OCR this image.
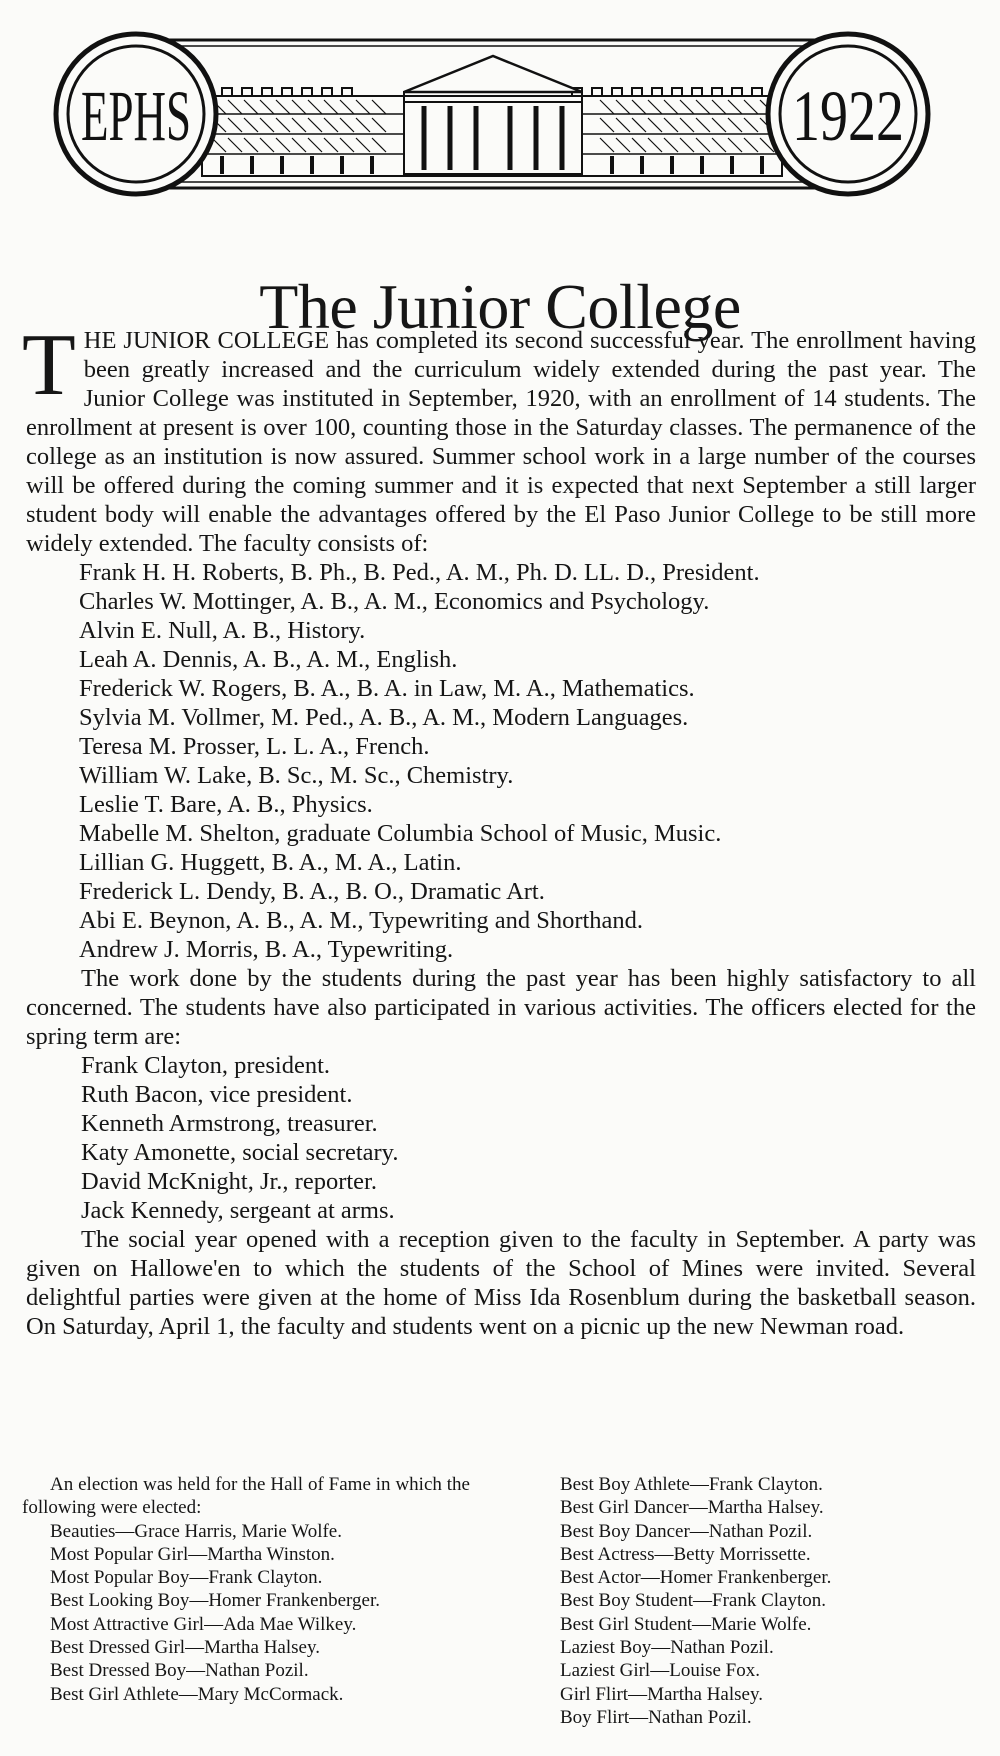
EPHS	1922
The Junior College

THE JUNIOR COLLEGE has completed its second successful year. The enrollment having been greatly increased and the curriculum widely extended during the past year. The Junior College was instituted in September, 1920, with an enrollment of 14 students. The enrollment at present is over 100, counting those in the Saturday classes. The permanence of the college as an institution is now assured. Summer school work in a large number of the courses will be offered during the coming summer and it is expected that next September a still larger student body will enable the advantages offered by the El Paso Junior College to be still more widely extended. The faculty consists of:

Frank H. H. Roberts, B. Ph., B. Ped., A. M., Ph. D. LL. D., President.
Charles W. Mottinger, A. B., A. M., Economics and Psychology.
Alvin E. Null, A. B., History.
Leah A. Dennis, A. B., A. M., English.
Frederick W. Rogers, B. A., B. A. in Law, M. A., Mathematics.
Sylvia M. Vollmer, M. Ped., A. B., A. M., Modern Languages.
Teresa M. Prosser, L. L. A., French.
William W. Lake, B. Sc., M. Sc., Chemistry.
Leslie T. Bare, A. B., Physics.
Mabelle M. Shelton, graduate Columbia School of Music, Music.
Lillian G. Huggett, B. A., M. A., Latin.
Frederick L. Dendy, B. A., B. O., Dramatic Art.
Abi E. Beynon, A. B., A. M., Typewriting and Shorthand.
Andrew J. Morris, B. A., Typewriting.

The work done by the students during the past year has been highly satisfactory to all concerned. The students have also participated in various activities. The officers elected for the spring term are:

Frank Clayton, president.
Ruth Bacon, vice president.
Kenneth Armstrong, treasurer.
Katy Amonette, social secretary.
David McKnight, Jr., reporter.
Jack Kennedy, sergeant at arms.

The social year opened with a reception given to the faculty in September. A party was given on Hallowe'en to which the students of the School of Mines were invited. Several delightful parties were given at the home of Miss Ida Rosenblum during the basketball season. On Saturday, April 1, the faculty and students went on a picnic up the new Newman road.

An election was held for the Hall of Fame in which the following were elected:

Beauties—Grace Harris, Marie Wolfe.
Most Popular Girl—Martha Winston.
Most Popular Boy—Frank Clayton.
Best Looking Boy—Homer Frankenberger.
Most Attractive Girl—Ada Mae Wilkey.
Best Dressed Girl—Martha Halsey.
Best Dressed Boy—Nathan Pozil.
Best Girl Athlete—Mary McCormack.
Best Boy Athlete—Frank Clayton.
Best Girl Dancer—Martha Halsey.
Best Boy Dancer—Nathan Pozil.
Best Actress—Betty Morrissette.
Best Actor—Homer Frankenberger.
Best Boy Student—Frank Clayton.
Best Girl Student—Marie Wolfe.
Laziest Boy—Nathan Pozil.
Laziest Girl—Louise Fox.
Girl Flirt—Martha Halsey.
Boy Flirt—Nathan Pozil.
